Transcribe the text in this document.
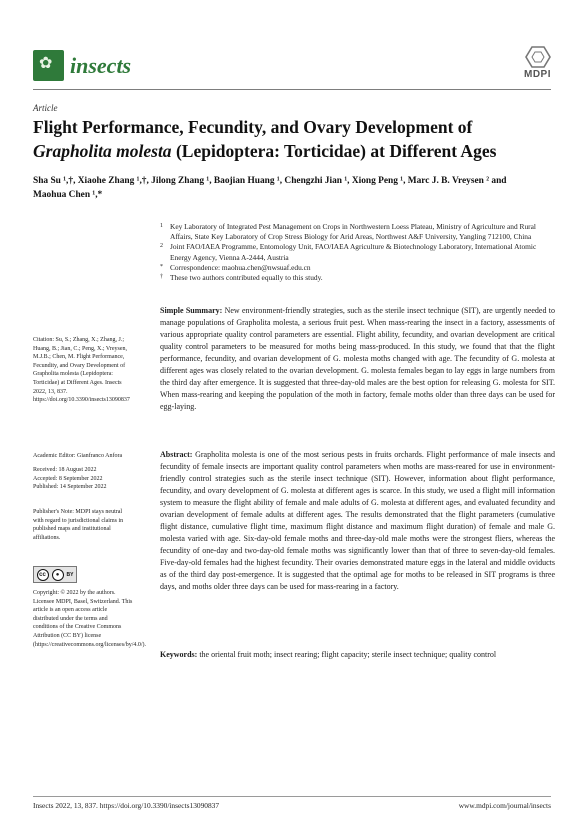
✿ insects	MDPI
Article
Flight Performance, Fecundity, and Ovary Development of
Grapholita molesta (Lepidoptera: Torticidae) at Different Ages
Sha Su ¹,†, Xiaohe Zhang ¹,†, Jilong Zhang ¹, Baojian Huang ¹, Chengzhi Jian ¹, Xiong Peng ¹, Marc J. B. Vreysen ² and
Maohua Chen ¹,*
1 Key Laboratory of Integrated Pest Management on Crops in Northwestern Loess Plateau, Ministry of Agriculture and Rural Affairs, State Key Laboratory of Crop Stress Biology for Arid Areas, Northwest A&F University, Yangling 712100, China
2 Joint FAO/IAEA Programme, Entomology Unit, FAO/IAEA Agriculture & Biotechnology Laboratory, International Atomic Energy Agency, Vienna A-2444, Austria
* Correspondence: maohua.chen@nwsuaf.edu.cn
† These two authors contributed equally to this study.
Simple Summary: New environment-friendly strategies, such as the sterile insect technique (SIT), are urgently needed to manage populations of Grapholita molesta, a serious fruit pest. When mass-rearing the insect in a factory, assessments of various appropriate quality control parameters are essential. Flight ability, fecundity, and ovarian development are critical quality control parameters to be measured for moths being mass-produced. In this study, we found that that the flight performance, fecundity, and ovarian development of G. molesta moths changed with age. The fecundity of G. molesta at different ages was closely related to the ovarian development. G. molesta females began to lay eggs in large numbers from the third day after emergence. It is suggested that three-day-old males are the best option for releasing G. molesta for SIT. When mass-rearing and keeping the population of the moth in factory, female moths older than three days can be used for egg-laying.
Abstract: Grapholita molesta is one of the most serious pests in fruits orchards. Flight performance of male insects and fecundity of female insects are important quality control parameters when moths are mass-reared for use in environment-friendly control strategies such as the sterile insect technique (SIT). However, information about flight performance, fecundity, and ovary development of G. molesta at different ages is scarce. In this study, we used a flight mill information system to measure the flight ability of female and male adults of G. molesta at different ages, and evaluated fecundity and ovarian development of female adults at different ages. The results demonstrated that the flight parameters (cumulative flight distance, cumulative flight time, maximum flight distance and maximum flight duration) of female and male G. molesta varied with age. Six-day-old female moths and three-day-old male moths were the strongest fliers, whereas the fecundity of one-day and two-day-old female moths was significantly lower than that of three to seven-day-old females. Five-day-old females had the highest fecundity. Their ovaries demonstrated mature eggs in the lateral and middle oviducts as of the third day post-emergence. It is suggested that the optimal age for moths to be released in SIT programs is three days, and moths older three days can be used for mass-rearing in a factory.
Keywords: the oriental fruit moth; insect rearing; flight capacity; sterile insect technique; quality control

Citation: Su, S.; Zhang, X.; Zhang, J.; Huang, B.; Jian, C.; Peng, X.; Vreysen, M.J.B.; Chen, M. Flight Performance, Fecundity, and Ovary Development of Grapholita molesta (Lepidoptera: Torticidae) at Different Ages. Insects 2022, 13, 837. https://doi.org/10.3390/insects13090837

Academic Editor: Gianfranco Anfora

Received: 18 August 2022

Accepted: 8 September 2022

Published: 14 September 2022

Publisher's Note: MDPI stays neutral with regard to jurisdictional claims in published maps and institutional affiliations.

cc	●	BY

Copyright: © 2022 by the authors. Licensee MDPI, Basel, Switzerland. This article is an open access article distributed under the terms and conditions of the Creative Commons Attribution (CC BY) license (https://creativecommons.org/licenses/by/4.0/).

Insects 2022, 13, 837. https://doi.org/10.3390/insects13090837	www.mdpi.com/journal/insects
